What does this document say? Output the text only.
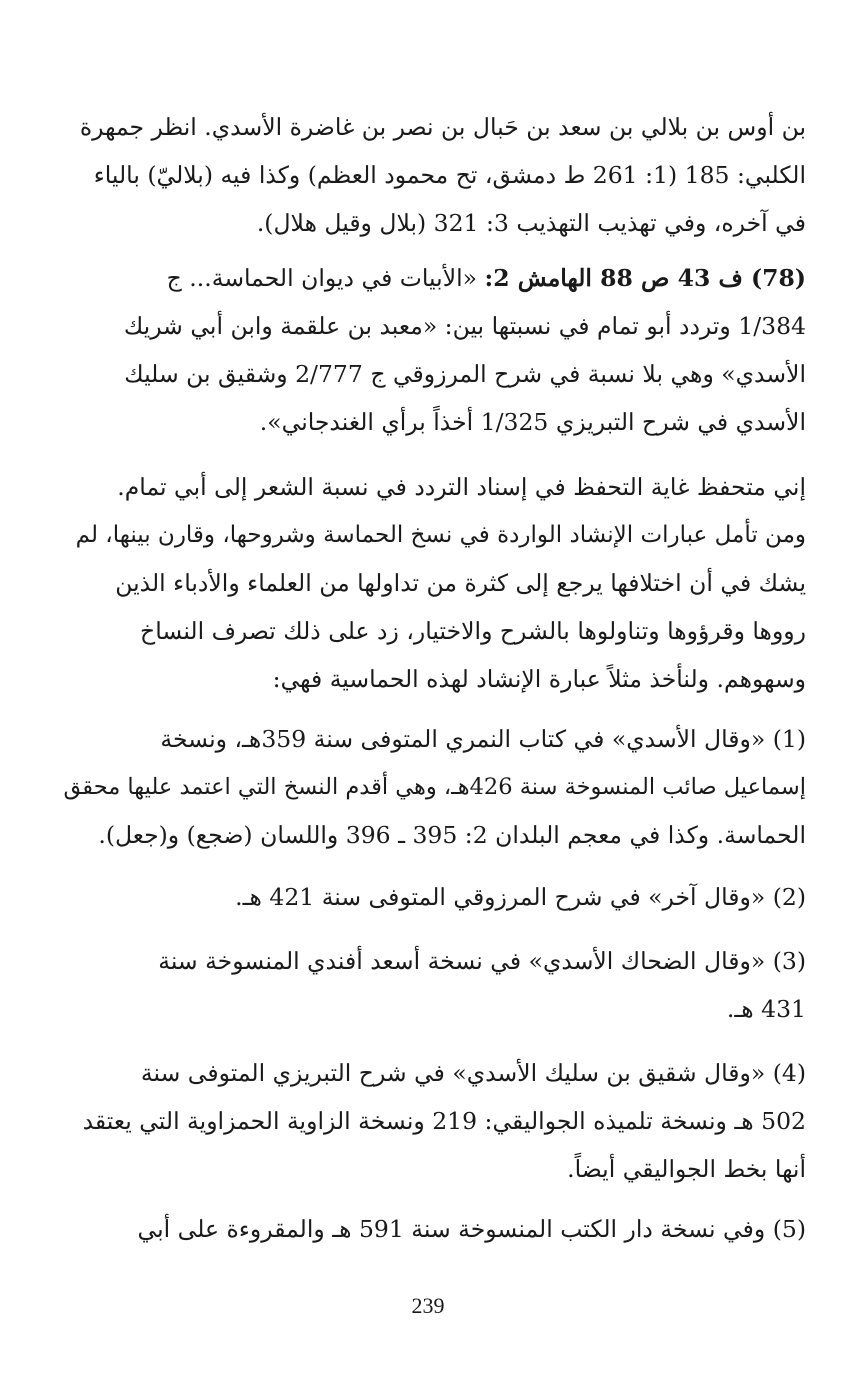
بن أوس بن بلالي بن سعد بن حَبال بن نصر بن غاضرة الأسدي. انظر جمهرة
الكلبي: 185 (1: 261 ط دمشق، تح محمود العظم) وكذا فيه (بلاليّ) بالياء
في آخره، وفي تهذيب التهذيب 3: 321 (بلال وقيل هلال).
(78) ف 43 ص 88 الهامش 2: «الأبيات في ديوان الحماسة... ج
1/384 وتردد أبو تمام في نسبتها بين: «معبد بن علقمة وابن أبي شريك
الأسدي» وهي بلا نسبة في شرح المرزوقي ج 2/777 وشقيق بن سليك
الأسدي في شرح التبريزي 1/325 أخذاً برأي الغندجاني».
إني متحفظ غاية التحفظ في إسناد التردد في نسبة الشعر إلى أبي تمام.
ومن تأمل عبارات الإنشاد الواردة في نسخ الحماسة وشروحها، وقارن بينها، لم
يشك في أن اختلافها يرجع إلى كثرة من تداولها من العلماء والأدباء الذين
رووها وقرؤوها وتناولوها بالشرح والاختيار، زد على ذلك تصرف النساخ
وسهوهم. ولنأخذ مثلاً عبارة الإنشاد لهذه الحماسية فهي:
(1) «وقال الأسدي» في كتاب النمري المتوفى سنة 359هـ، ونسخة
إسماعيل صائب المنسوخة سنة 426هـ، وهي أقدم النسخ التي اعتمد عليها محقق
الحماسة. وكذا في معجم البلدان 2: 395 ـ 396 واللسان (ضجع) و(جعل).
(2) «وقال آخر» في شرح المرزوقي المتوفى سنة 421 هـ.
(3) «وقال الضحاك الأسدي» في نسخة أسعد أفندي المنسوخة سنة
431 هـ.
(4) «وقال شقيق بن سليك الأسدي» في شرح التبريزي المتوفى سنة
502 هـ ونسخة تلميذه الجواليقي: 219 ونسخة الزاوية الحمزاوية التي يعتقد
أنها بخط الجواليقي أيضاً.
(5) وفي نسخة دار الكتب المنسوخة سنة 591 هـ والمقروءة على أبي
239
